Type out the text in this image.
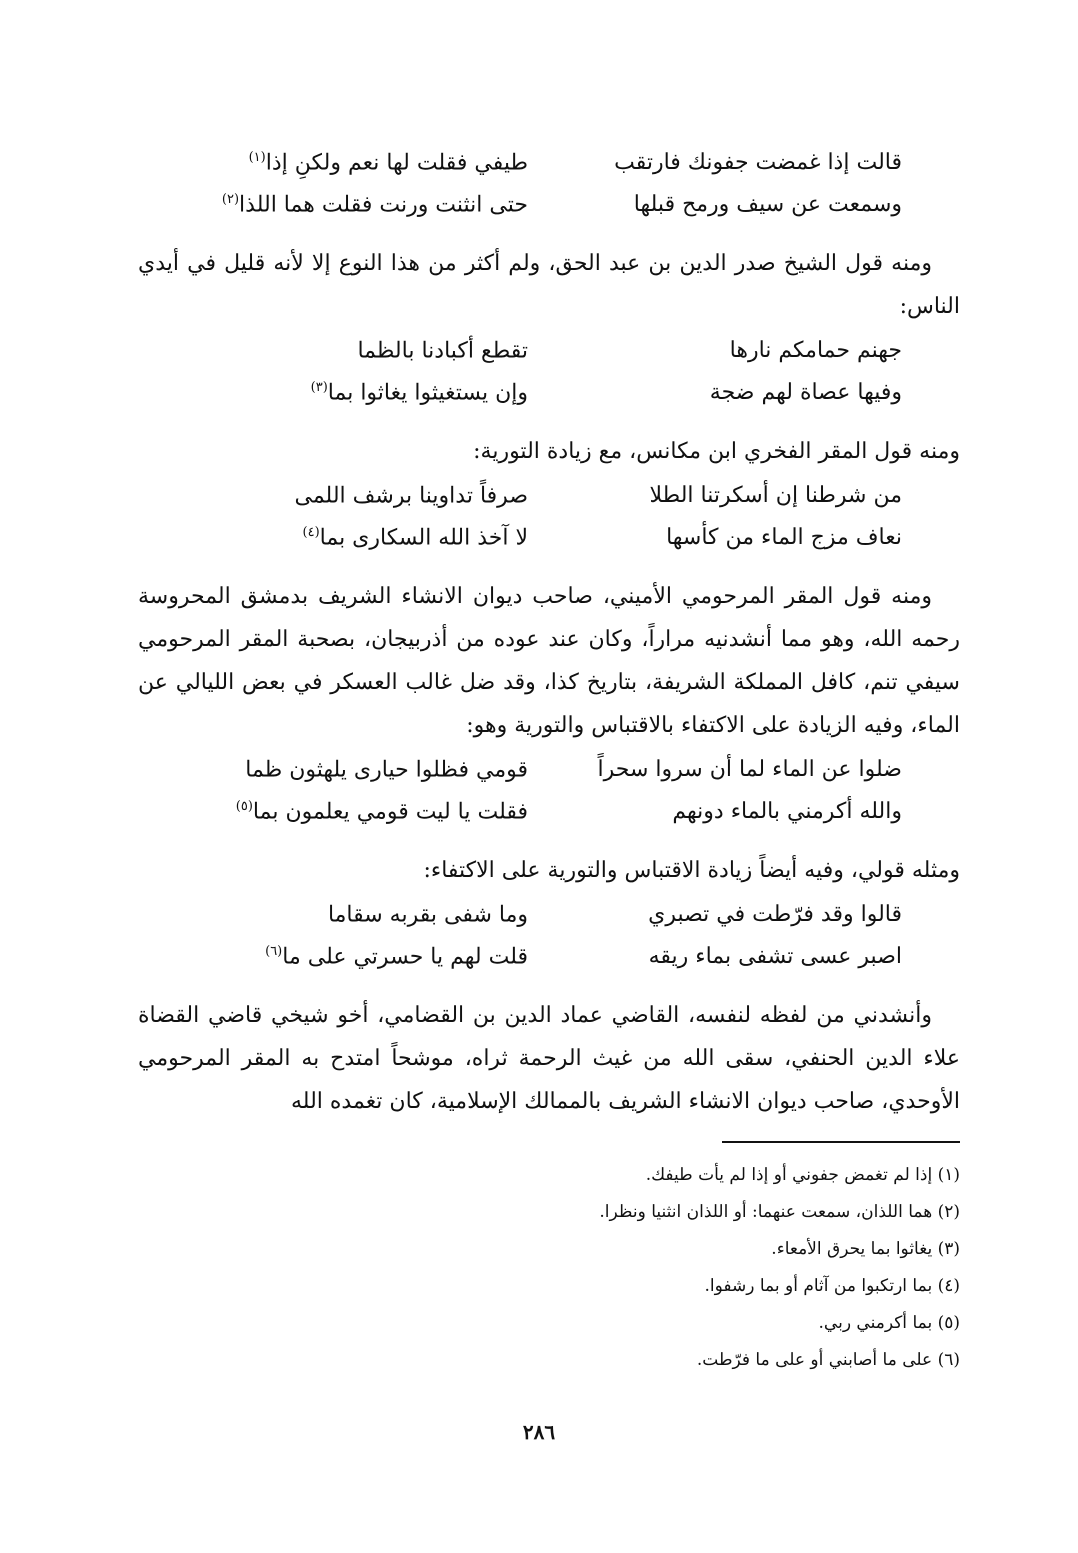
قالت إذا غمضت جفونك فارتقب
طيفي فقلت لها نعم ولكنِ إذا$^{(١)}$
وسمعت عن سيف ورمح قبلها
حتى انثنت ورنت فقلت هما اللذا$^{(٢)}$

ومنه قول الشيخ صدر الدين بن عبد الحق، ولم أكثر من هذا النوع إلا لأنه قليل في أيدي الناس:

جهنم حمامكم نارها
تقطع أكبادنا بالظما
وفيها عصاة لهم ضجة
وإن يستغيثوا يغاثوا بما$^{(٣)}$

ومنه قول المقر الفخري ابن مكانس، مع زيادة التورية:

من شرطنا إن أسكرتنا الطلا
صرفاً تداوينا برشف اللمى
نعاف مزج الماء من كأسها
لا آخذ الله السكارى بما$^{(٤)}$

ومنه قول المقر المرحومي الأميني، صاحب ديوان الانشاء الشريف بدمشق المحروسة رحمه الله، وهو مما أنشدنيه مراراً، وكان عند عوده من أذربيجان، بصحبة المقر المرحومي سيفي تنم، كافل المملكة الشريفة، بتاريخ كذا، وقد ضل غالب العسكر في بعض الليالي عن الماء، وفيه الزيادة على الاكتفاء بالاقتباس والتورية وهو:

ضلوا عن الماء لما أن سروا سحراً
قومي فظلوا حيارى يلهثون ظما
والله أكرمني بالماء دونهم
فقلت يا ليت قومي يعلمون بما$^{(٥)}$

ومثله قولي، وفيه أيضاً زيادة الاقتباس والتورية على الاكتفاء:

قالوا وقد فرّطت في تصبري
وما شفى بقربه سقاما
اصبر عسى تشفى بماء ريقه
قلت لهم يا حسرتي على ما$^{(٦)}$

وأنشدني من لفظه لنفسه، القاضي عماد الدين بن القضامي، أخو شيخي قاضي القضاة علاء الدين الحنفي، سقى الله من غيث الرحمة ثراه، موشحاً امتدح به المقر المرحومي الأوحدي، صاحب ديوان الانشاء الشريف بالممالك الإسلامية، كان تغمده الله

(١) إذا لم تغمض جفوني أو إذا لم يأت طيفك.
(٢) هما اللذان، سمعت عنهما: أو اللذان انثنيا ونظرا.
(٣) يغاثوا بما يحرق الأمعاء.
(٤) بما ارتكبوا من آثام أو بما رشفوا.
(٥) بما أكرمني ربي.
(٦) على ما أصابني أو على ما فرّطت.
٢٨٦
